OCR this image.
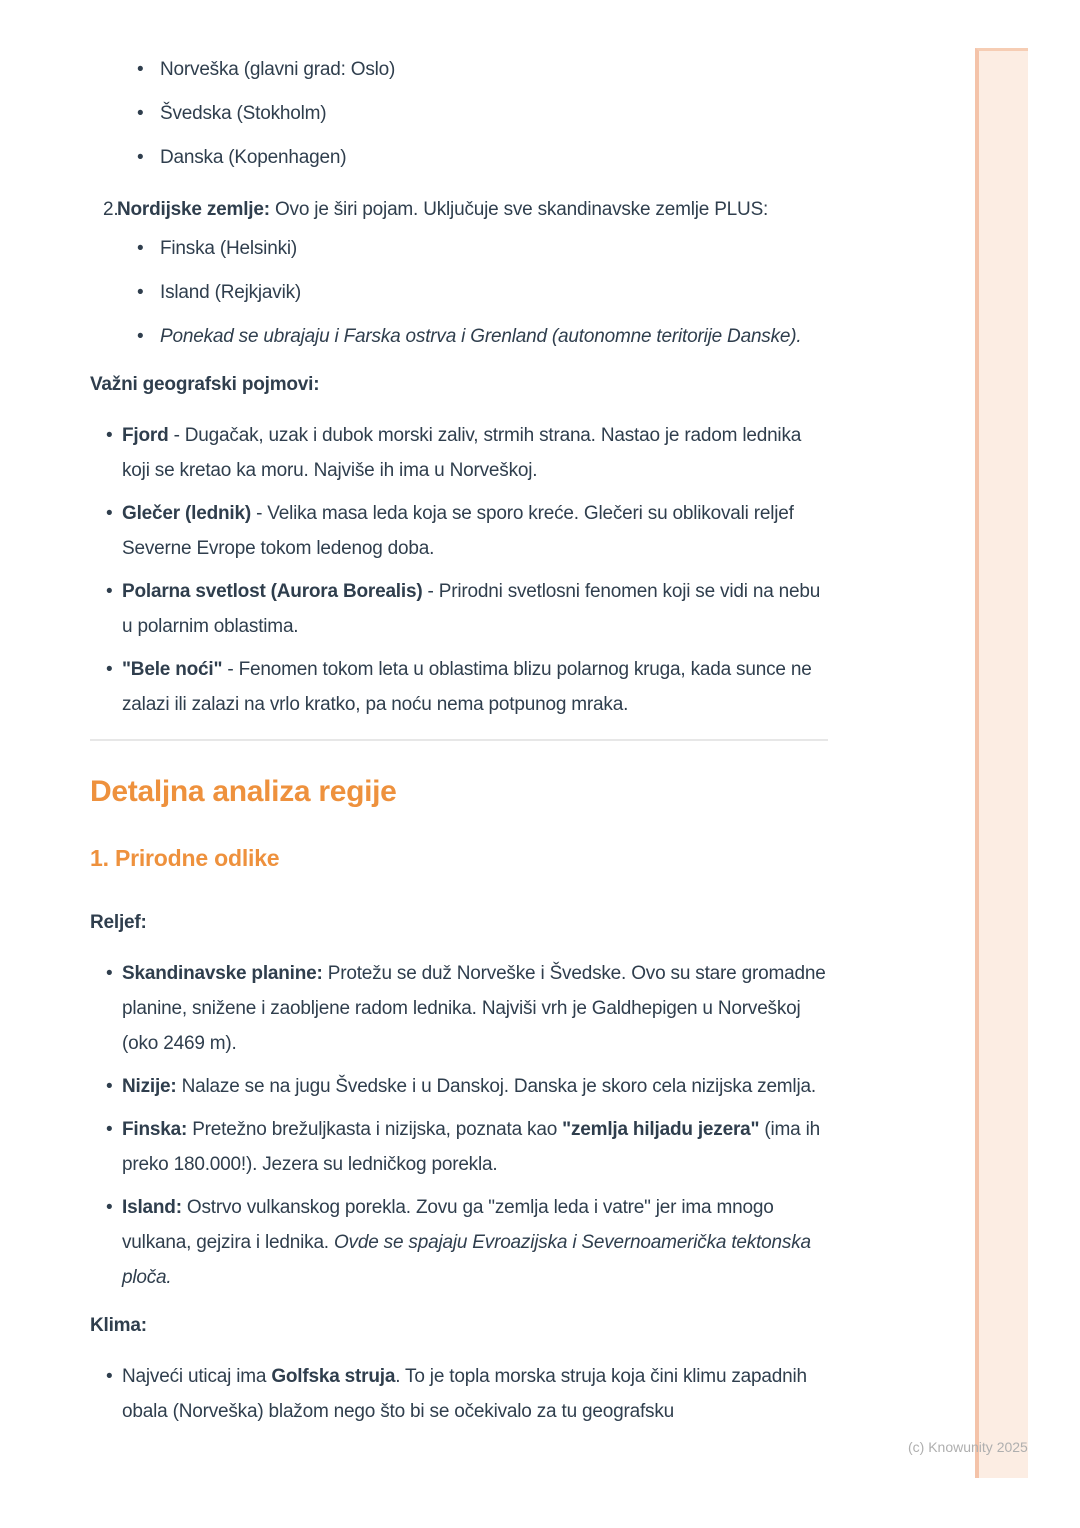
(c) Knowunity 2025
• Norveška (glavni grad: Oslo)
• Švedska (Stokholm)
• Danska (Kopenhagen)
2.
Nordijske zemlje: Ovo je širi pojam. Uključuje sve skandinavske zemlje PLUS:
• Finska (Helsinki)
• Island (Rejkjavik)
• Ponekad se ubrajaju i Farska ostrva i Grenland (autonomne teritorije Danske).

Važni geografski pojmovi:

• Fjord - Dugačak, uzak i dubok morski zaliv, strmih strana. Nastao je radom lednika koji se kretao ka moru. Najviše ih ima u Norveškoj.
• Glečer (lednik) - Velika masa leda koja se sporo kreće. Glečeri su oblikovali reljef Severne Evrope tokom ledenog doba.
• Polarna svetlost (Aurora Borealis) - Prirodni svetlosni fenomen koji se vidi na nebu u polarnim oblastima.
• "Bele noći" - Fenomen tokom leta u oblastima blizu polarnog kruga, kada sunce ne zalazi ili zalazi na vrlo kratko, pa noću nema potpunog mraka.
Detaljna analiza regije
1. Prirodne odlike

Reljef:

• Skandinavske planine: Protežu se duž Norveške i Švedske. Ovo su stare gromadne planine, snižene i zaobljene radom lednika. Najviši vrh je Galdhepigen u Norveškoj (oko 2469 m).
• Nizije: Nalaze se na jugu Švedske i u Danskoj. Danska je skoro cela nizijska zemlja.
• Finska: Pretežno brežuljkasta i nizijska, poznata kao "zemlja hiljadu jezera" (ima ih preko 180.000!). Jezera su ledničkog porekla.
• Island: Ostrvo vulkanskog porekla. Zovu ga "zemlja leda i vatre" jer ima mnogo vulkana, gejzira i lednika. Ovde se spajaju Evroazijska i Severnoamerička tektonska ploča.

Klima:

• Najveći uticaj ima Golfska struja. To je topla morska struja koja čini klimu zapadnih obala (Norveška) blažom nego što bi se očekivalo za tu geografsku
